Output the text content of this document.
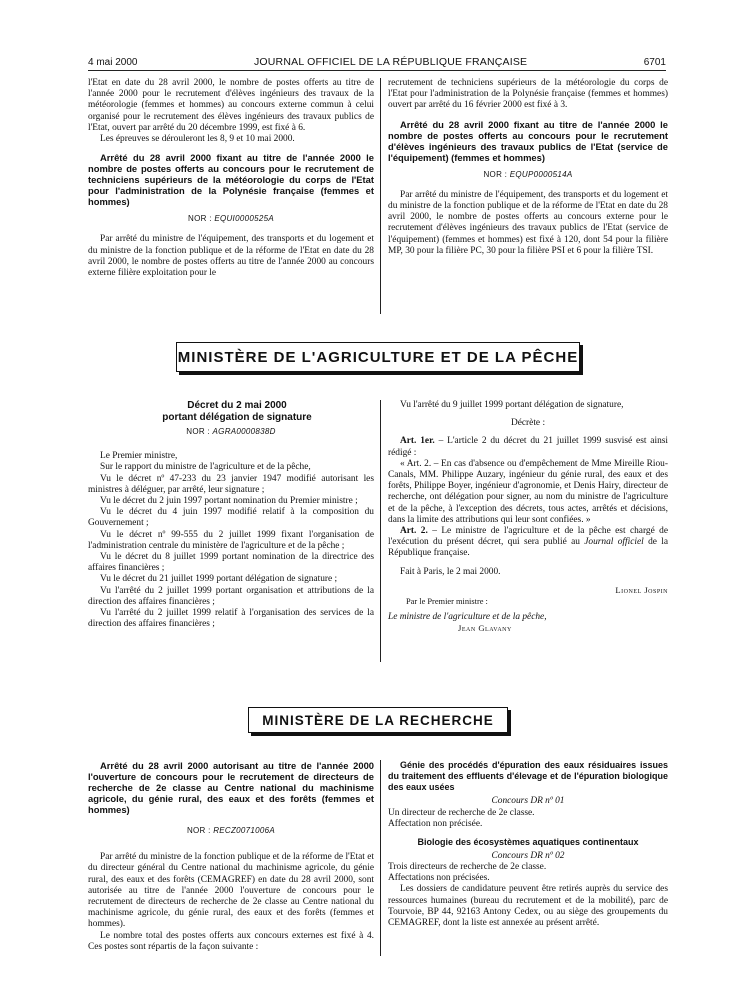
4 mai 2000	JOURNAL OFFICIEL DE LA RÉPUBLIQUE FRANÇAISE	6701

l'Etat en date du 28 avril 2000, le nombre de postes offerts au titre de l'année 2000 pour le recrutement d'élèves ingénieurs des travaux de la météorologie (femmes et hommes) au concours externe commun à celui organisé pour le recrutement des élèves ingénieurs des travaux publics de l'Etat, ouvert par arrêté du 20 décembre 1999, est fixé à 6.

Les épreuves se dérouleront les 8, 9 et 10 mai 2000.

Arrêté du 28 avril 2000 fixant au titre de l'année 2000 le nombre de postes offerts au concours pour le recrutement de techniciens supérieurs de la météorologie du corps de l'Etat pour l'administration de la Polynésie française (femmes et hommes)

NOR : EQUI0000525A

Par arrêté du ministre de l'équipement, des transports et du logement et du ministre de la fonction publique et de la réforme de l'Etat en date du 28 avril 2000, le nombre de postes offerts au titre de l'année 2000 au concours externe filière exploitation pour le

recrutement de techniciens supérieurs de la météorologie du corps de l'Etat pour l'administration de la Polynésie française (femmes et hommes) ouvert par arrêté du 16 février 2000 est fixé à 3.

Arrêté du 28 avril 2000 fixant au titre de l'année 2000 le nombre de postes offerts au concours pour le recrutement d'élèves ingénieurs des travaux publics de l'Etat (service de l'équipement) (femmes et hommes)

NOR : EQUP0000514A

Par arrêté du ministre de l'équipement, des transports et du logement et du ministre de la fonction publique et de la réforme de l'Etat en date du 28 avril 2000, le nombre de postes offerts au concours externe pour le recrutement d'élèves ingénieurs des travaux publics de l'Etat (service de l'équipement) (femmes et hommes) est fixé à 120, dont 54 pour la filière MP, 30 pour la filière PC, 30 pour la filière PSI et 6 pour la filière TSI.

MINISTÈRE DE L'AGRICULTURE ET DE LA PÊCHE

Décret du 2 mai 2000

portant délégation de signature

NOR : AGRA0000838D

Le Premier ministre,

Sur le rapport du ministre de l'agriculture et de la pêche,

Vu le décret nº 47-233 du 23 janvier 1947 modifié autorisant les ministres à déléguer, par arrêté, leur signature ;

Vu le décret du 2 juin 1997 portant nomination du Premier ministre ;

Vu le décret du 4 juin 1997 modifié relatif à la composition du Gouvernement ;

Vu le décret nº 99-555 du 2 juillet 1999 fixant l'organisation de l'administration centrale du ministère de l'agriculture et de la pêche ;

Vu le décret du 8 juillet 1999 portant nomination de la directrice des affaires financières ;

Vu le décret du 21 juillet 1999 portant délégation de signature ;

Vu l'arrêté du 2 juillet 1999 portant organisation et attributions de la direction des affaires financières ;

Vu l'arrêté du 2 juillet 1999 relatif à l'organisation des services de la direction des affaires financières ;

Vu l'arrêté du 9 juillet 1999 portant délégation de signature,

Décrète :

Art. 1er. – L'article 2 du décret du 21 juillet 1999 susvisé est ainsi rédigé :

« Art. 2. – En cas d'absence ou d'empêchement de Mme Mireille Riou-Canals, MM. Philippe Auzary, ingénieur du génie rural, des eaux et des forêts, Philippe Boyer, ingénieur d'agronomie, et Denis Hairy, directeur de recherche, ont délégation pour signer, au nom du ministre de l'agriculture et de la pêche, à l'exception des décrets, tous actes, arrêtés et décisions, dans la limite des attributions qui leur sont confiées. »

Art. 2. – Le ministre de l'agriculture et de la pêche est chargé de l'exécution du présent décret, qui sera publié au Journal officiel de la République française.

Fait à Paris, le 2 mai 2000.

Lionel Jospin

Par le Premier ministre :

Le ministre de l'agriculture et de la pêche,

Jean Glavany

MINISTÈRE DE LA RECHERCHE

Arrêté du 28 avril 2000 autorisant au titre de l'année 2000 l'ouverture de concours pour le recrutement de directeurs de recherche de 2e classe au Centre national du machinisme agricole, du génie rural, des eaux et des forêts (femmes et hommes)

NOR : RECZ0071006A

Par arrêté du ministre de la fonction publique et de la réforme de l'Etat et du directeur général du Centre national du machinisme agricole, du génie rural, des eaux et des forêts (CEMAGREF) en date du 28 avril 2000, sont autorisée au titre de l'année 2000 l'ouverture de concours pour le recrutement de directeurs de recherche de 2e classe au Centre national du machinisme agricole, du génie rural, des eaux et des forêts (femmes et hommes).

Le nombre total des postes offerts aux concours externes est fixé à 4. Ces postes sont répartis de la façon suivante :

Génie des procédés d'épuration des eaux résiduaires issues du traitement des effluents d'élevage et de l'épuration biologique des eaux usées

Concours DR nº 01

Un directeur de recherche de 2e classe.

Affectation non précisée.

Biologie des écosystèmes aquatiques continentaux

Concours DR nº 02

Trois directeurs de recherche de 2e classe.

Affectations non précisées.

Les dossiers de candidature peuvent être retirés auprès du service des ressources humaines (bureau du recrutement et de la mobilité), parc de Tourvoie, BP 44, 92163 Antony Cedex, ou au siège des groupements du CEMAGREF, dont la liste est annexée au présent arrêté.
